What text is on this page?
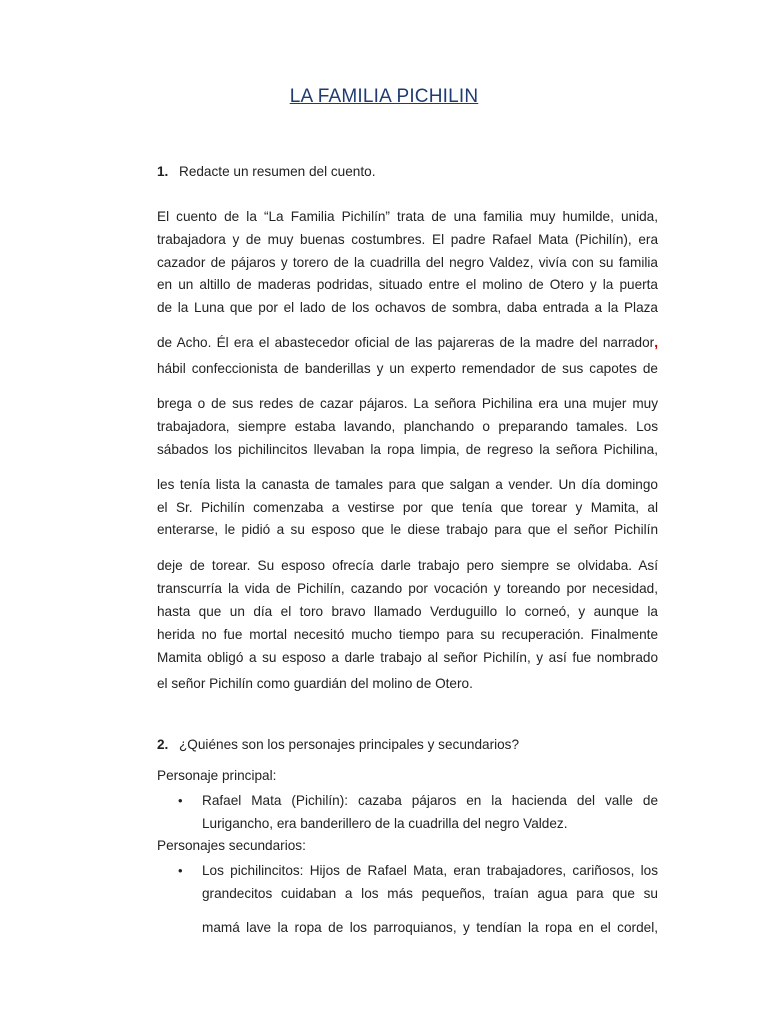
LA FAMILIA PICHILIN
1. Redacte un resumen del cuento.
El cuento de la “La Familia Pichilín” trata de una familia muy humilde, unida,
trabajadora y de muy buenas costumbres. El padre Rafael Mata (Pichilín), era
cazador de pájaros y torero de la cuadrilla del negro Valdez, vivía con su familia
en un altillo de maderas podridas, situado entre el molino de Otero y la puerta
de la Luna que por el lado de los ochavos de sombra, daba entrada a la Plaza
de Acho. Él era el abastecedor oficial de las pajareras de la madre del narrador ,
hábil confeccionista de banderillas y un experto remendador de sus capotes de
brega o de sus redes de cazar pájaros. La señora Pichilina era una mujer muy
trabajadora, siempre estaba lavando, planchando o preparando tamales. Los
sábados los pichilincitos llevaban la ropa limpia, de regreso la señora Pichilina,
les tenía lista la canasta de tamales para que salgan a vender. Un día domingo
el Sr. Pichilín comenzaba a vestirse por que tenía que torear y Mamita, al
enterarse, le pidió a su esposo que le diese trabajo para que el señor Pichilín
deje de torear. Su esposo ofrecía darle trabajo pero siempre se olvidaba. Así
transcurría la vida de Pichilín, cazando por vocación y toreando por necesidad,
hasta que un día el toro bravo llamado Verduguillo lo corneó, y aunque la
herida no fue mortal necesitó mucho tiempo para su recuperación. Finalmente
Mamita obligó a su esposo a darle trabajo al señor Pichilín, y así fue nombrado
el señor Pichilín como guardián del molino de Otero.
2. ¿Quiénes son los personajes principales y secundarios?
Personaje principal:
• Rafael Mata (Pichilín): cazaba pájaros en la hacienda del valle de
Lurigancho, era banderillero de la cuadrilla del negro Valdez.
Personajes secundarios:
• Los pichilincitos: Hijos de Rafael Mata, eran trabajadores, cariñosos, los
grandecitos cuidaban a los más pequeños, traían agua para que su
mamá lave la ropa de los parroquianos, y tendían la ropa en el cordel,
